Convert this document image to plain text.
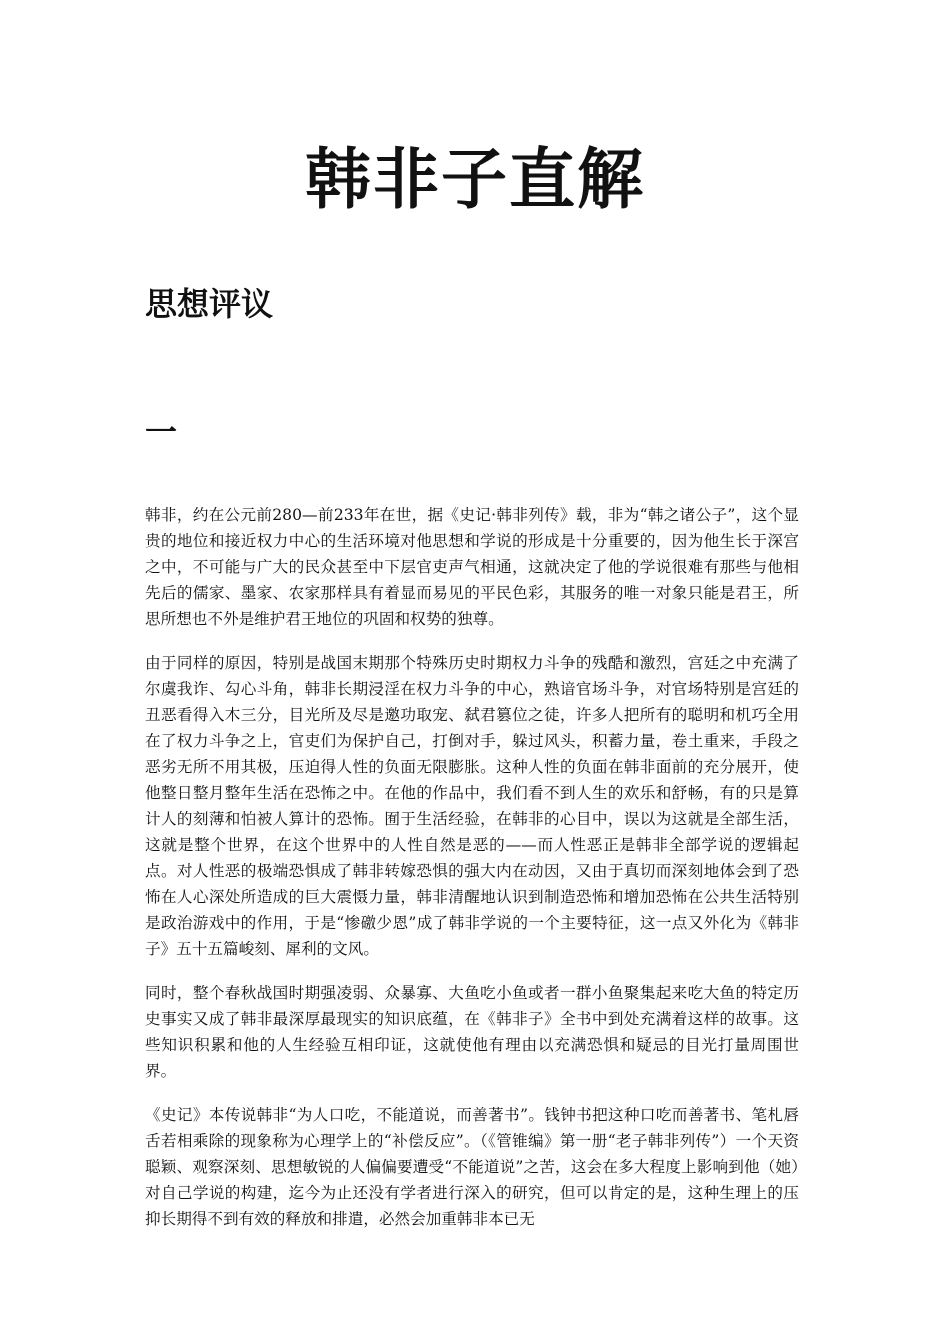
韩非子直解
思想评议
一

韩非，约在公元前280—前233年在世，据《史记·韩非列传》载，非为“韩之诸公子”，这个显贵的地位和接近权力中心的生活环境对他思想和学说的形成是十分重要的，因为他生长于深宫之中，不可能与广大的民众甚至中下层官吏声气相通，这就决定了他的学说很难有那些与他相先后的儒家、墨家、农家那样具有着显而易见的平民色彩，其服务的唯一对象只能是君王，所思所想也不外是维护君王地位的巩固和权势的独尊。

由于同样的原因，特别是战国末期那个特殊历史时期权力斗争的残酷和激烈，宫廷之中充满了尔虞我诈、勾心斗角，韩非长期浸淫在权力斗争的中心，熟谙官场斗争，对官场特别是宫廷的丑恶看得入木三分，目光所及尽是邀功取宠、弑君篡位之徒，许多人把所有的聪明和机巧全用在了权力斗争之上，官吏们为保护自己，打倒对手，躲过风头，积蓄力量，卷土重来，手段之恶劣无所不用其极，压迫得人性的负面无限膨胀。这种人性的负面在韩非面前的充分展开，使他整日整月整年生活在恐怖之中。在他的作品中，我们看不到人生的欢乐和舒畅，有的只是算计人的刻薄和怕被人算计的恐怖。囿于生活经验，在韩非的心目中，误以为这就是全部生活，这就是整个世界，在这个世界中的人性自然是恶的——而人性恶正是韩非全部学说的逻辑起点。对人性恶的极端恐惧成了韩非转嫁恐惧的强大内在动因，又由于真切而深刻地体会到了恐怖在人心深处所造成的巨大震慑力量，韩非清醒地认识到制造恐怖和增加恐怖在公共生活特别是政治游戏中的作用，于是“惨礉少恩”成了韩非学说的一个主要特征，这一点又外化为《韩非子》五十五篇峻刻、犀利的文风。

同时，整个春秋战国时期强凌弱、众暴寡、大鱼吃小鱼或者一群小鱼聚集起来吃大鱼的特定历史事实又成了韩非最深厚最现实的知识底蕴，在《韩非子》全书中到处充满着这样的故事。这些知识积累和他的人生经验互相印证，这就使他有理由以充满恐惧和疑忌的目光打量周围世界。

《史记》本传说韩非“为人口吃，不能道说，而善著书”。钱钟书把这种口吃而善著书、笔札唇舌若相乘除的现象称为心理学上的“补偿反应”。（《管锥编》第一册“老子韩非列传”）一个天资聪颖、观察深刻、思想敏锐的人偏偏要遭受“不能道说”之苦，这会在多大程度上影响到他（她）对自己学说的构建，迄今为止还没有学者进行深入的研究，但可以肯定的是，这种生理上的压抑长期得不到有效的释放和排遣，必然会加重韩非本已无
